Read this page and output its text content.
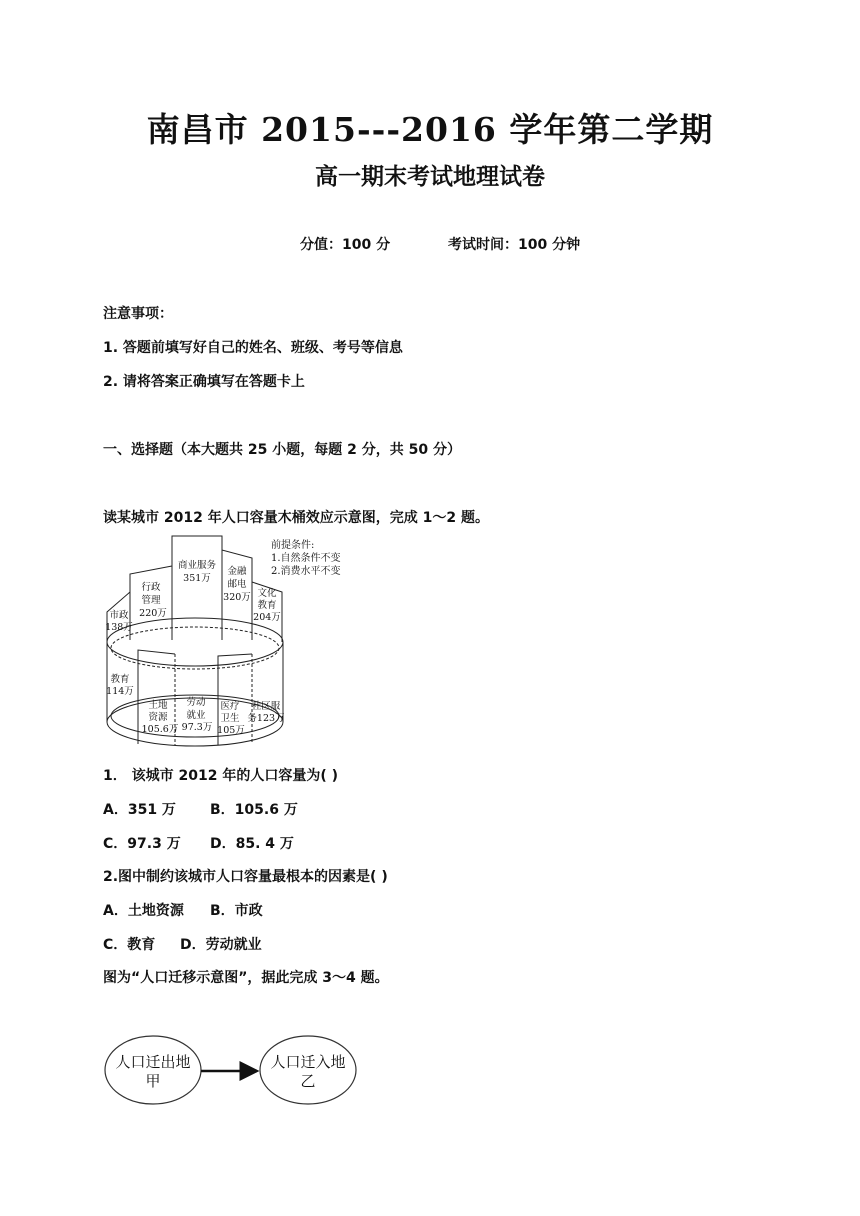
南昌市 2015---2016 学年第二学期
高一期末考试地理试卷
分值：100 分	考试时间：100 分钟
注意事项：
1. 答题前填写好自己的姓名、班级、考号等信息
2. 请将答案正确填写在答题卡上
一、选择题（本大题共 25 小题，每题 2 分，共 50 分）
读某城市 2012 年人口容量木桶效应示意图，完成 1～2 题。
商业服务
351万
金融
邮电
320万
行政
管理
220万
文化
教育
204万
市政
138万
教育
114万
土地
资源
105.6万
劳动
就业
97.3万
医疗
卫生
105万
社区服
务123万
前提条件:
1.自然条件不变
2.消费水平不变
1． 该城市 2012 年的人口容量为( )
A．351 万 B．105.6 万
C．97.3 万 D．85. 4 万
2.图中制约该城市人口容量最根本的因素是( )
A．土地资源 B．市政
C．教育 D．劳动就业
图为“人口迁移示意图”，据此完成 3～4 题。
人口迁出地
甲
人口迁入地
乙
